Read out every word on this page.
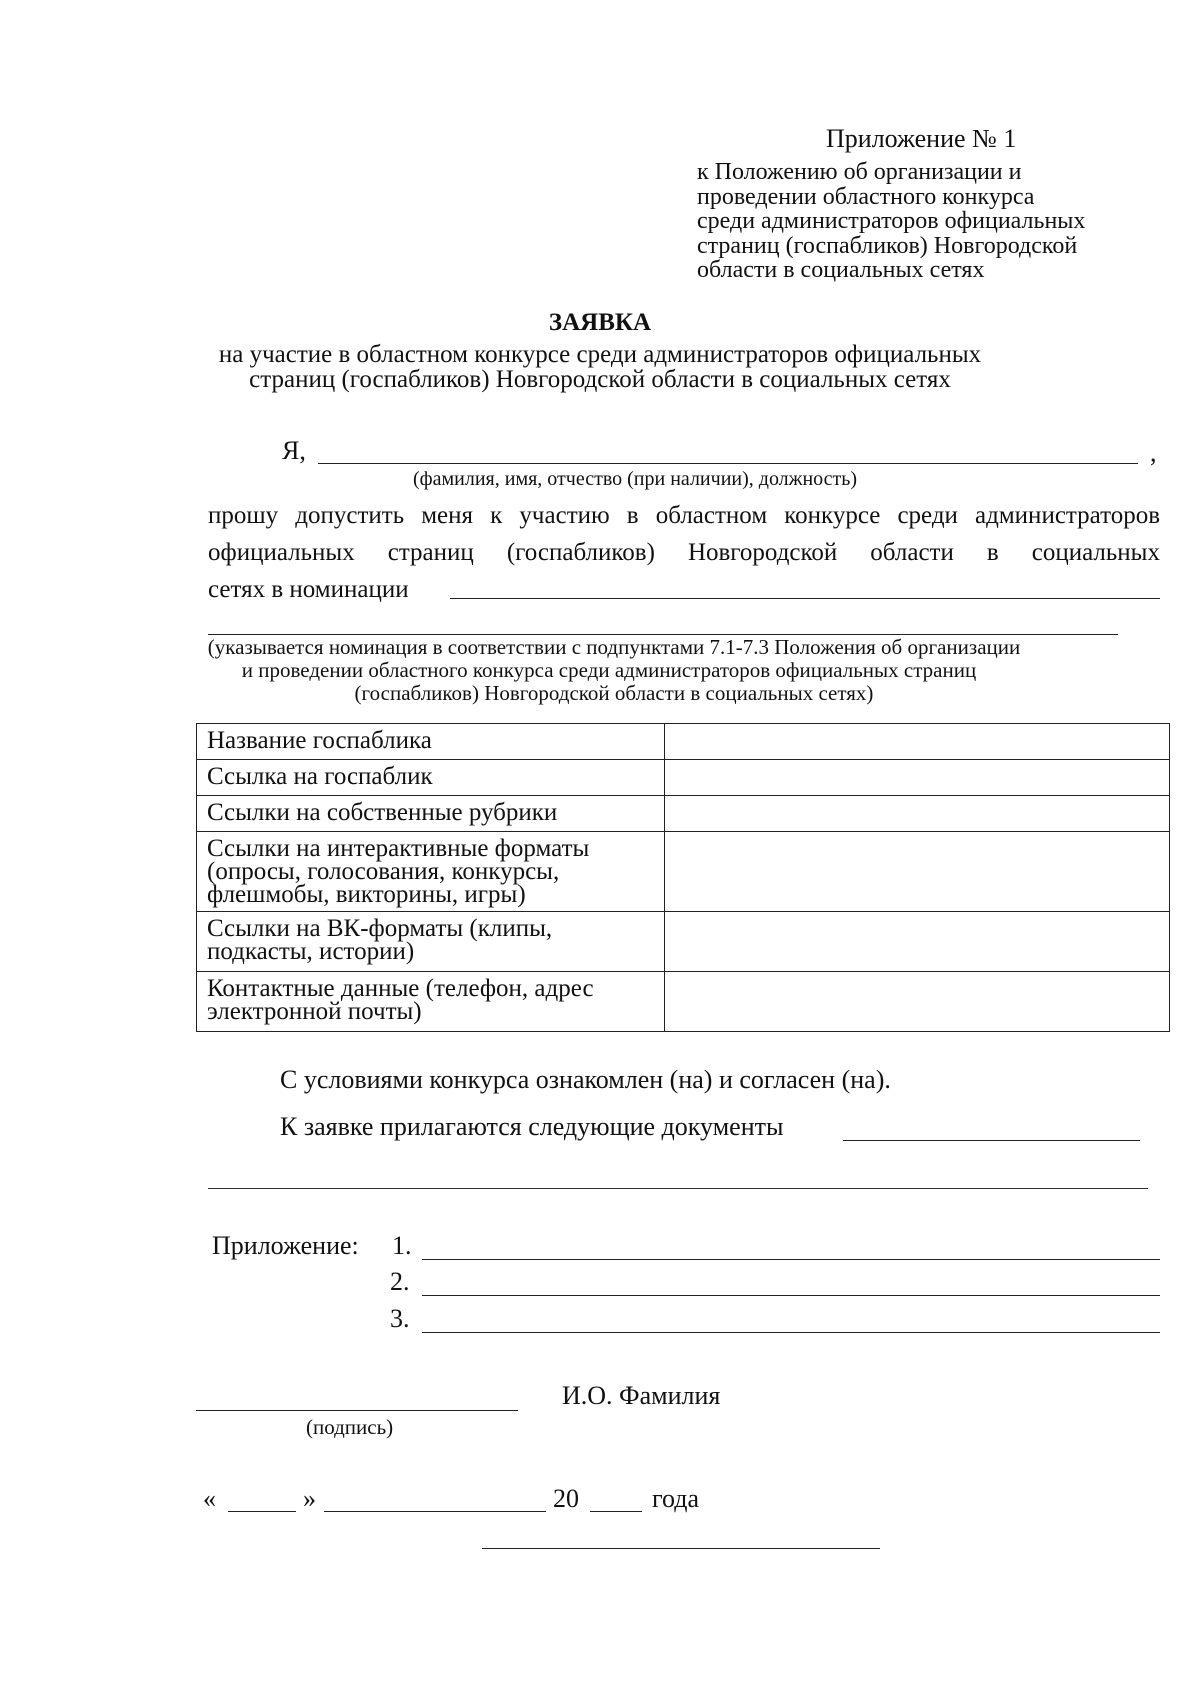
Приложение № 1
к Положению об организации и
проведении областного конкурса
среди администраторов официальных
страниц (госпабликов) Новгородской
области в социальных сетях
ЗАЯВКА
на участие в областном конкурсе среди администраторов официальных
страниц (госпабликов) Новгородской области в социальных сетях
Я,	,
(фамилия, имя, отчество (при наличии), должность)
прошу допустить меня к участию в областном конкурсе среди администраторов
официальных страниц (госпабликов) Новгородской области в социальных
сетях в номинации
(указывается номинация в соответствии с подпунктами 7.1-7.3 Положения об организации
и проведении областного конкурса среди администраторов официальных страниц
(госпабликов) Новгородской области в социальных сетях)
Название госпаблика	

Ссылка на госпаблик	

Ссылки на собственные рубрики	

Ссылки на интерактивные форматы
(опросы, голосования, конкурсы,
флешмобы, викторины, игры)	

Ссылки на ВК-форматы (клипы,
подкасты, истории)	

Контактные данные (телефон, адрес
электронной почты)	

С условиями конкурса ознакомлен (на) и согласен (на).
К заявке прилагаются следующие документы
Приложение: 1.
2.
3.
И.О. Фамилия
(подпись)
«	»	20	года
